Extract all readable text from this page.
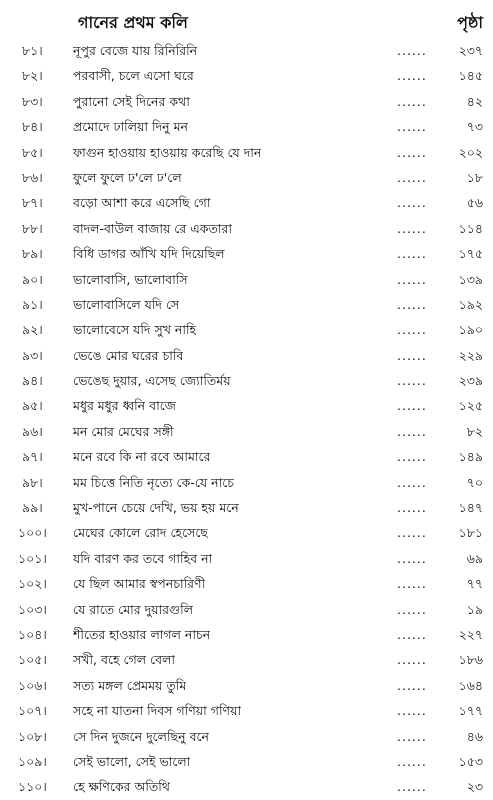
গানের প্রথম কলি	পৃষ্ঠা
৮১।	নূপুর বেজে যায় রিনিরিনি	......	২৩৭
৮২।	পরবাসী, চলে এসো ঘরে	......	১৪৫
৮৩।	পুরানো সেই দিনের কথা	......	৪২
৮৪।	প্রমোদে ঢালিয়া দিনু মন	......	৭৩
৮৫।	ফাগুন হাওয়ায় হাওয়ায় করেছি যে দান	......	২০২
৮৬।	ফুলে ফুলে ঢ'লে ঢ'লে	......	১৮
৮৭।	বড়ো আশা করে এসেছি গো	......	৫৬
৮৮।	বাদল-বাউল বাজায় রে একতারা	......	১১৪
৮৯।	বিধি ডাগর আঁখি যদি দিয়েছিল	......	১৭৫
৯০।	ভালোবাসি, ভালোবাসি	......	১৩৯
৯১।	ভালোবাসিলে যদি সে	......	১৯২
৯২।	ভালোবেসে যদি সুখ নাহি	......	১৯০
৯৩।	ভেঙে মোর ঘরের চাবি	......	২২৯
৯৪।	ভেঙেছ দুয়ার, এসেছ জ্যোতির্ময়	......	২৩৯
৯৫।	মধুর মধুর ধ্বনি বাজে	......	১২৫
৯৬।	মন মোর মেঘের সঙ্গী	......	৮২
৯৭।	মনে রবে কি না রবে আমারে	......	১৪৯
৯৮।	মম চিত্তে নিতি নৃত্যে কে-যে নাচে	......	৭০
৯৯।	মুখ-পানে চেয়ে দেখি, ভয় হয় মনে	......	১৪৭
১০০।	মেঘের কোলে রোদ হেসেছে	......	১৮১
১০১।	যদি বারণ কর তবে গাহিব না	......	৬৯
১০২।	যে ছিল আমার স্বপনচারিণী	......	৭৭
১০৩।	যে রাতে মোর দুয়ারগুলি	......	১৯
১০৪।	শীতের হাওয়ার লাগল নাচন	......	২২৭
১০৫।	সখী, বহে গেল বেলা	......	১৮৬
১০৬।	সত্য মঙ্গল প্রেমময় তুমি	......	১৬৪
১০৭।	সহে না যাতনা দিবস গণিয়া গণিয়া	......	১৭৭
১০৮।	সে দিন দুজনে দুলেছিনু বনে	......	৪৬
১০৯।	সেই ভালো, সেই ভালো	......	১৫৩
১১০।	হে ক্ষণিকের অতিথি	......	২৩
